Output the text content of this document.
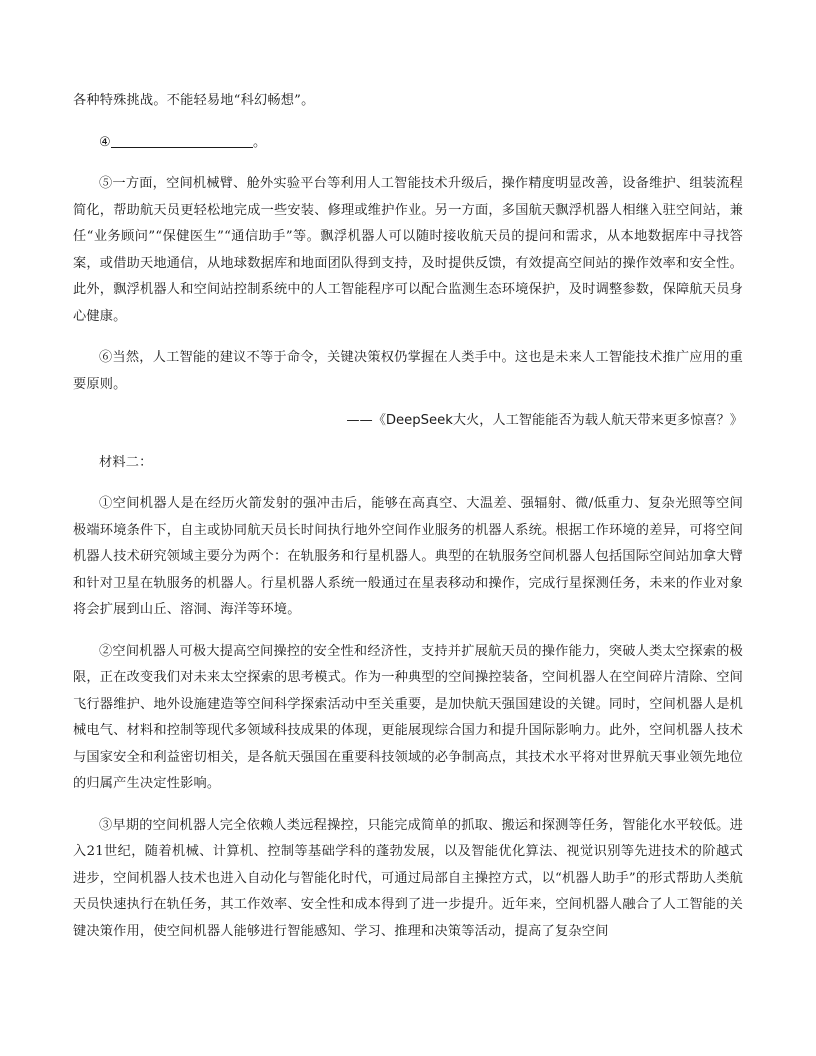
各种特殊挑战。不能轻易地“科幻畅想”。

④	。

⑤一方面，空间机械臂、舱外实验平台等利用人工智能技术升级后，操作精度明显改善，设备维护、组装流程简化，帮助航天员更轻松地完成一些安装、修理或维护作业。另一方面，多国航天飘浮机器人相继入驻空间站，兼任“业务顾问”“保健医生”“通信助手”等。飘浮机器人可以随时接收航天员的提问和需求，从本地数据库中寻找答案，或借助天地通信，从地球数据库和地面团队得到支持，及时提供反馈，有效提高空间站的操作效率和安全性。此外，飘浮机器人和空间站控制系统中的人工智能程序可以配合监测生态环境保护，及时调整参数，保障航天员身心健康。

⑥当然，人工智能的建议不等于命令，关键决策权仍掌握在人类手中。这也是未来人工智能技术推广应用的重要原则。

——《DeepSeek大火，人工智能能否为载人航天带来更多惊喜？》

材料二：

①空间机器人是在经历火箭发射的强冲击后，能够在高真空、大温差、强辐射、微/低重力、复杂光照等空间极端环境条件下，自主或协同航天员长时间执行地外空间作业服务的机器人系统。根据工作环境的差异，可将空间机器人技术研究领域主要分为两个：在轨服务和行星机器人。典型的在轨服务空间机器人包括国际空间站加拿大臂和针对卫星在轨服务的机器人。行星机器人系统一般通过在星表移动和操作，完成行星探测任务，未来的作业对象将会扩展到山丘、溶洞、海洋等环境。

②空间机器人可极大提高空间操控的安全性和经济性，支持并扩展航天员的操作能力，突破人类太空探索的极限，正在改变我们对未来太空探索的思考模式。作为一种典型的空间操控装备，空间机器人在空间碎片清除、空间飞行器维护、地外设施建造等空间科学探索活动中至关重要，是加快航天强国建设的关键。同时，空间机器人是机械电气、材料和控制等现代多领域科技成果的体现，更能展现综合国力和提升国际影响力。此外，空间机器人技术与国家安全和利益密切相关，是各航天强国在重要科技领域的必争制高点，其技术水平将对世界航天事业领先地位的归属产生决定性影响。

③早期的空间机器人完全依赖人类远程操控，只能完成简单的抓取、搬运和探测等任务，智能化水平较低。进入21世纪，随着机械、计算机、控制等基础学科的蓬勃发展，以及智能优化算法、视觉识别等先进技术的阶越式进步，空间机器人技术也进入自动化与智能化时代，可通过局部自主操控方式，以“机器人助手”的形式帮助人类航天员快速执行在轨任务，其工作效率、安全性和成本得到了进一步提升。近年来，空间机器人融合了人工智能的关键决策作用，使空间机器人能够进行智能感知、学习、推理和决策等活动，提高了复杂空间
